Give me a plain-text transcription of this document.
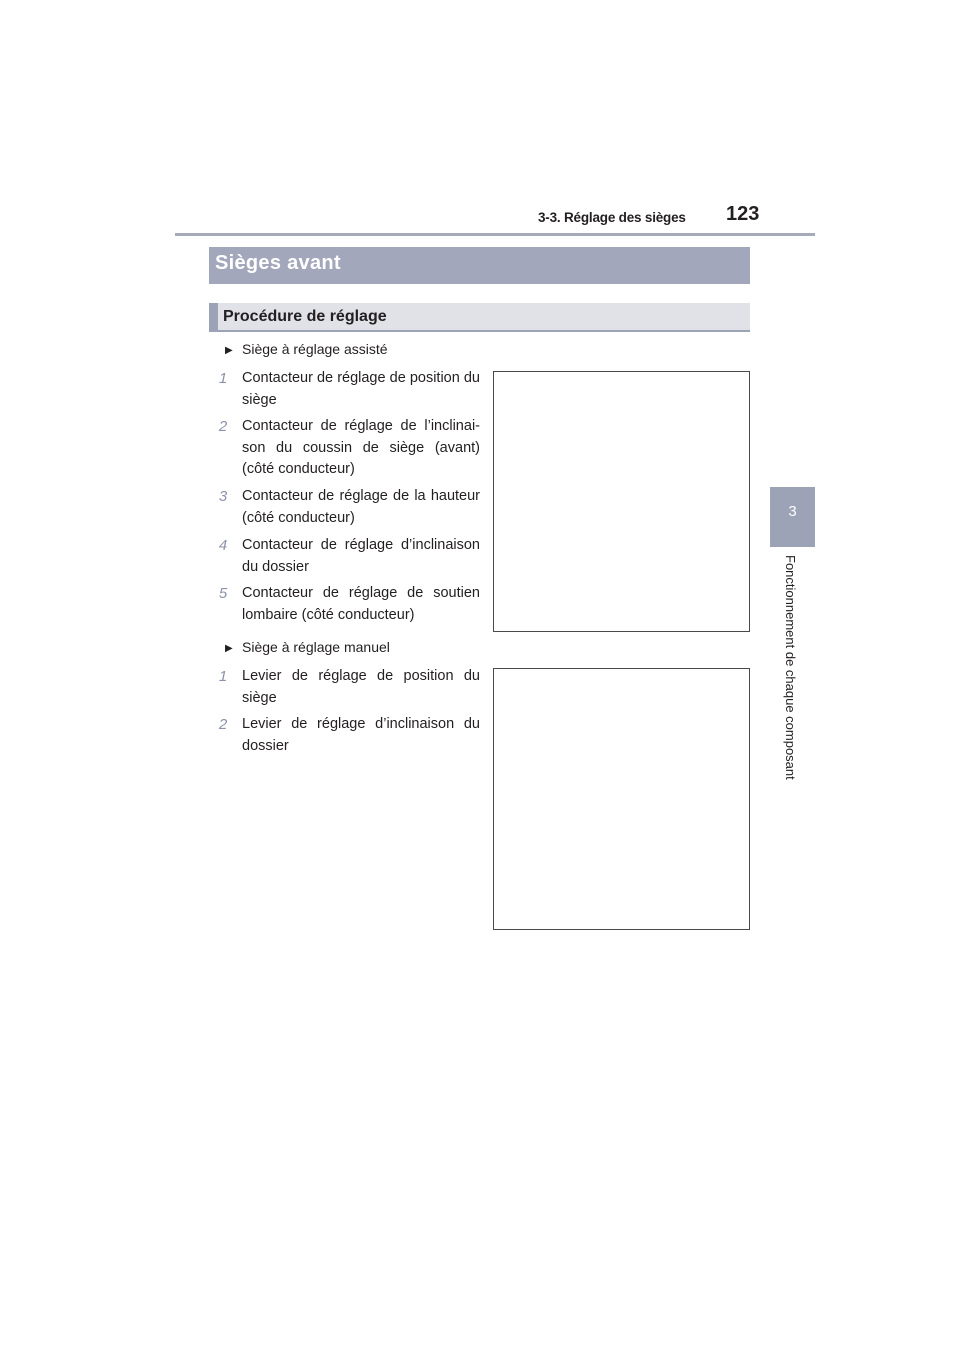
3-3. Réglage des sièges 123
3
Fonctionnement de chaque composant
Sièges avant
Procédure de réglage
▶ Siège à réglage assisté
1	Contacteur de réglage de position du siège
2	Contacteur de réglage de l’inclinai-son du coussin de siège (avant) (côté conducteur)
3	Contacteur de réglage de la hauteur (côté conducteur)
4	Contacteur de réglage d’inclinaison du dossier
5	Contacteur de réglage de soutien lombaire (côté conducteur)
▶ Siège à réglage manuel
1	Levier de réglage de position du siège
2	Levier de réglage d’inclinaison du dossier
